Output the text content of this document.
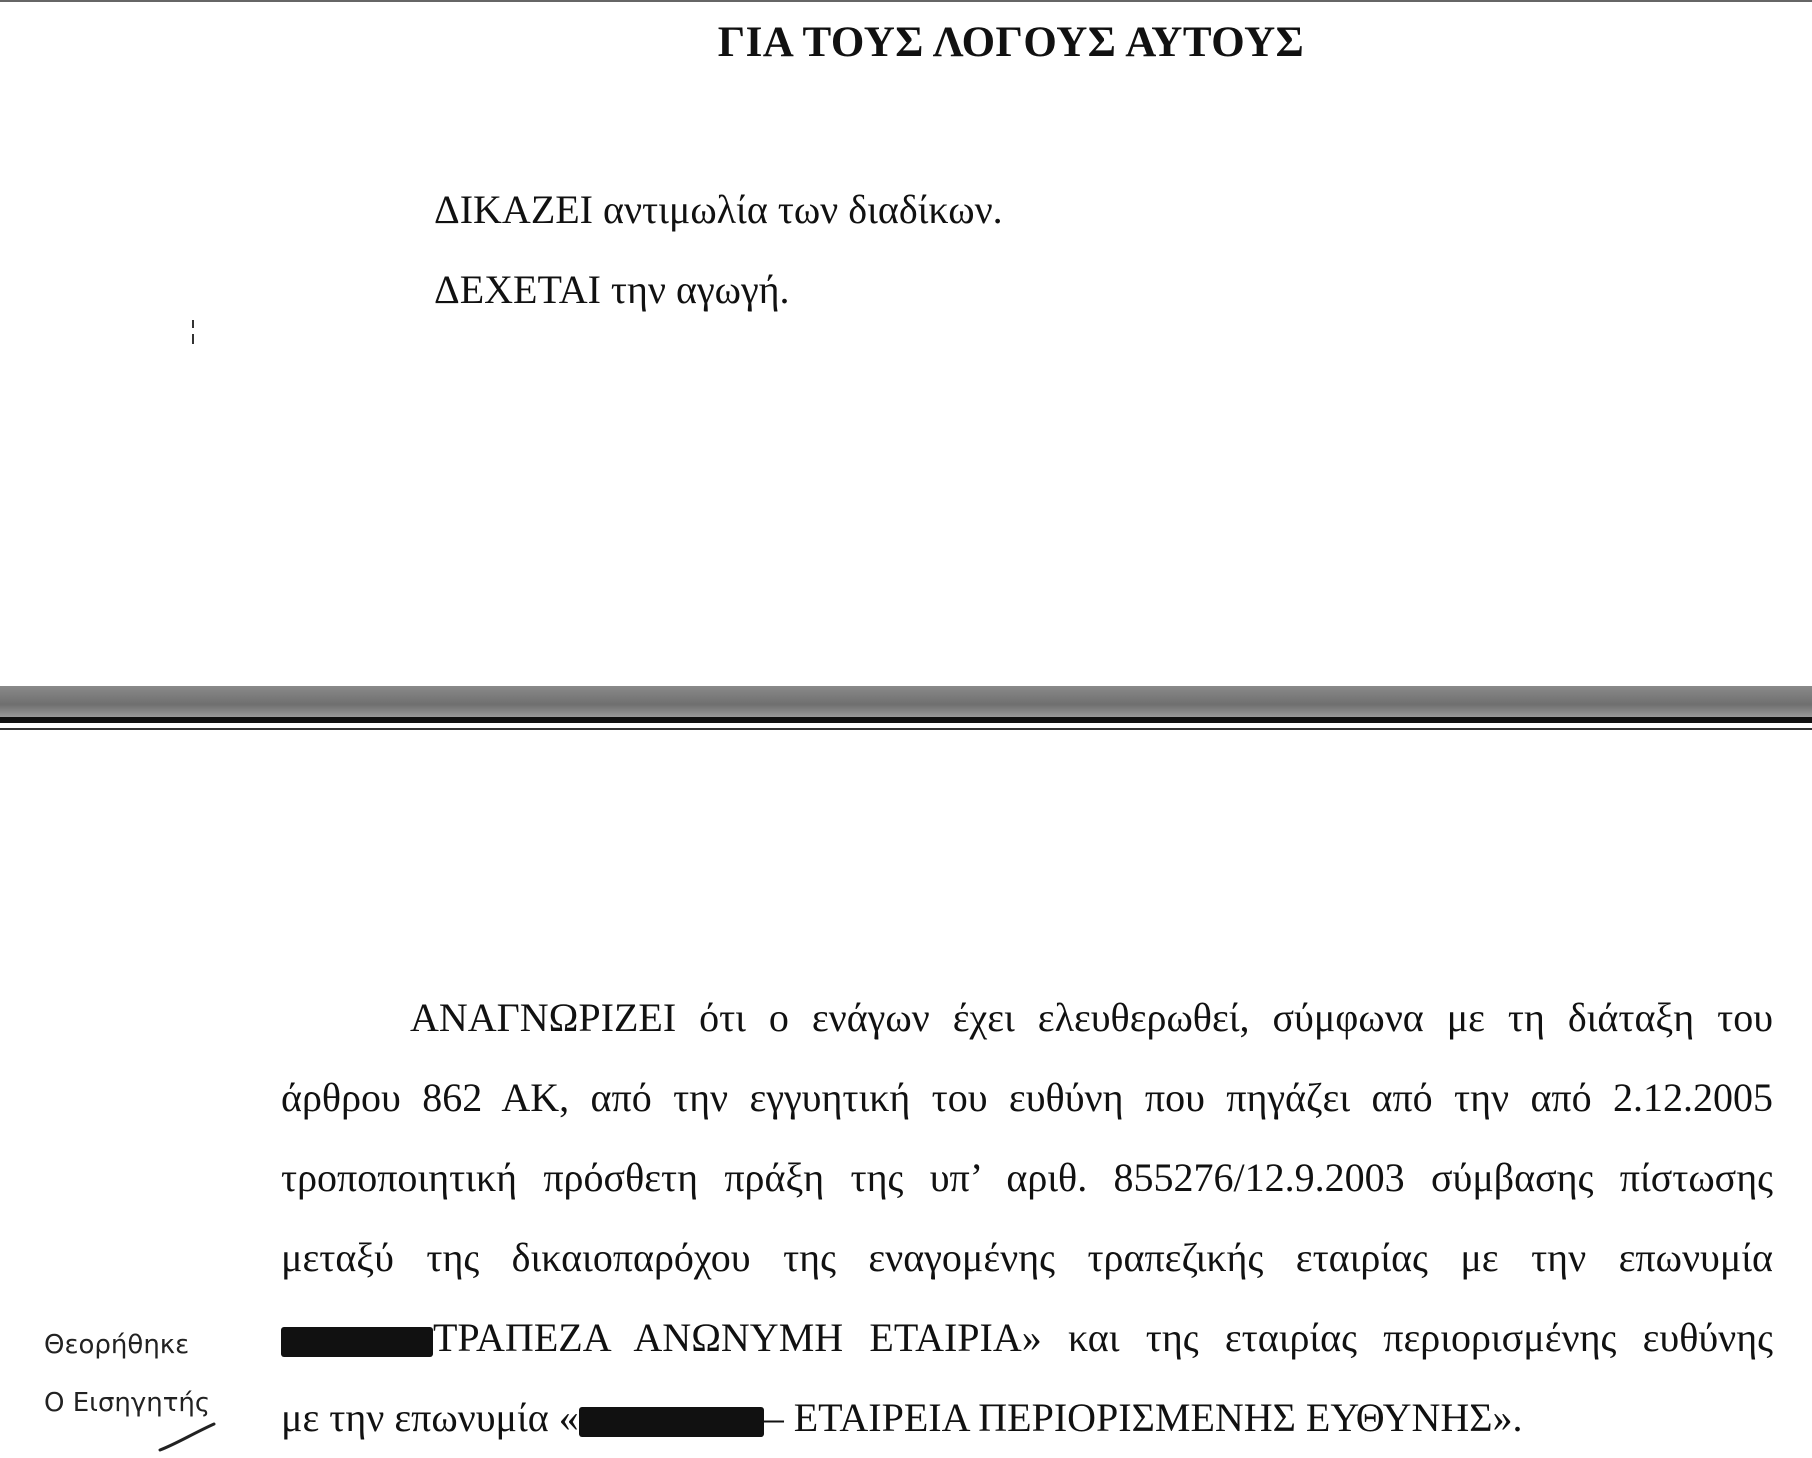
ΓΙΑ ΤΟΥΣ ΛΟΓΟΥΣ ΑΥΤΟΥΣ
ΔΙΚΑΖΕΙ αντιμωλία των διαδίκων.
ΔΕΧΕΤΑΙ την αγωγή.
ΑΝΑΓΝΩΡΙΖΕΙ ότι ο ενάγων έχει ελευθερωθεί, σύμφωνα με τη διάταξη του
άρθρου 862 ΑΚ, από την εγγυητική του ευθύνη που πηγάζει από την από 2.12.2005
τροποποιητική πρόσθετη πράξη της υπ’ αριθ. 855276/12.9.2003 σύμβασης πίστωσης
μεταξύ της δικαιοπαρόχου της εναγομένης τραπεζικής εταιρίας με την επωνυμία
ΤΡΑΠΕΖΑ ΑΝΩΝΥΜΗ ΕΤΑΙΡΙΑ» και της εταιρίας περιορισμένης ευθύνης
με την επωνυμία «	– ΕΤΑΙΡΕΙΑ ΠΕΡΙΟΡΙΣΜΕΝΗΣ ΕΥΘΥΝΗΣ».
Θεορήθηκε
Ο Εισηγητής
